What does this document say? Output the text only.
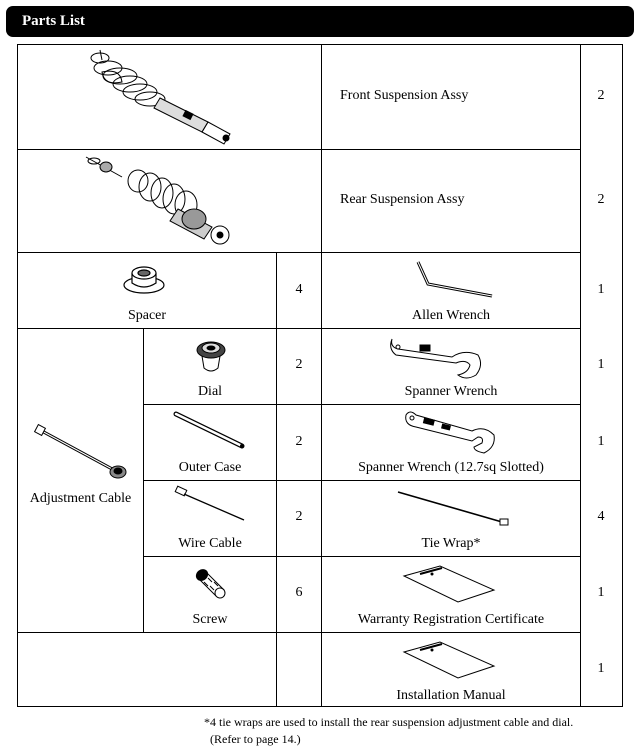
Parts List
Front Suspension Assy	2
Rear Suspension Assy	2
Spacer
4
Allen Wrench
1
Adjustment Cable
Dial
2
Spanner Wrench
1
Outer Case
2
Spanner Wrench (12.7sq Slotted)
1
Wire Cable
2
Tie Wrap*
4
Screw
6
Warranty Registration Certificate
1
Installation Manual
1
*4 tie wraps are used to install the rear suspension adjustment cable and dial.
(Refer to page 14.)
